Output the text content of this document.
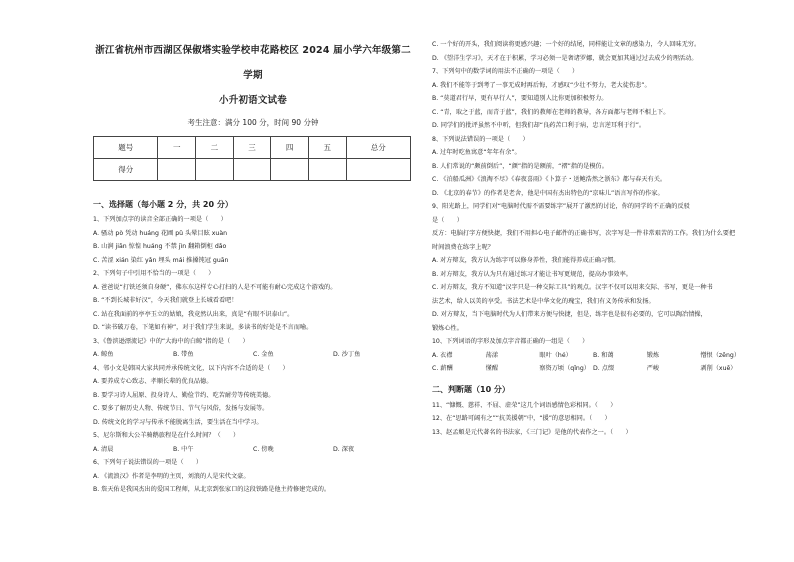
浙江省杭州市西湖区保俶塔实验学校申花路校区 2024 届小学六年级第二学期
小升初语文试卷
考生注意：满分 100 分，时间 90 分钟
题号	一	二	三	四	五	总分
得分						
一、选择题（每小题 2 分，共 20 分）
1、下列加点字的读音全部正确的一项是（　　）
A. 骚动 pò 凭动 huáng 花圃 pǔ 头晕目眩 xuàn
B. 山涧 jiān 惊惶 huáng 不禁 jìn 翻箱倒柜 dǎo
C. 苦涩 xián 染红 yǎn 埋头 mái 推搡钝冠 guān
2、下列句子中引用不恰当的一项是（　　）
A. 爸爸说“打铁还须自身硬”，佛东东这样专心打扫的人是不可能有耐心完成这个游戏的。
B. “不到长城非好汉”，今天我们就登上长城看看吧！
C. 站在我面前的亭亭玉立的姑娘，我竟然认出来，真是“有眼不识泰山”。
D. “读书破万卷，下笔如有神”，对于我们学生来说，多读书的好处是不言而喻。
3、《鲁滨逊漂流记》中的“大海中的白鲸”指的是（　　）
A. 鲸鱼	B. 带鱼	C. 金鱼	D. 沙丁鱼
4、邻小文是韩国大家共同并承传统文化，以下内容不合适的是（　　）
A. 要养成专心致志、孝顺长辈的优良品德。
B. 要学习诗人屈原、投身诗人、勤俭节约、吃苦耐劳等传统美德。
C. 要多了解历史人物、传统节日、节气与风俗，发扬与发展等。
D. 传统文化的学习与传承不能脱离生活，要生活在当中学习。
5、尼尔斯和大公羊骑鹅旅程是在什么时间？（　　）
A. 清晨	B. 中午	C. 傍晚	D. 深夜
6、下列句子说法错误的一项是（　　）
A. 《流浪汉》作者是李明的主页，刘浪的人是宋代文豪。
B. 詹天佑是我国杰出的爱国工程师，从北京到张家口的这段铁路是他主持修建完成的。
C. 一个好的开头，我们阅读将更感兴趣；一个好的结尾，同样能让文章的感染力，令人回味无穷。
D. 《望洋生学习》，天才在于积累，学习必须一是奢诸罗娜，就会更加其通过过去成少的理活动。
7、下列句中的数学词的用法不正确的一项是（　　）
A. 我们不能等于到考了一事无成时再后悔，才感叹“少壮不努力，老大徒伤悲”。
B. “莫道君行早，更有早行人”，要知道别人比你更加积极努力。
C. “青，取之于蓝，而青于蓝”，我们的教师在老师的教导，各方面都与老师不相上下。
D. 同学们的批评虽然不中听，但我们却“良药苦口利于病，忠言逆耳利于行”。
8、下列说法错误的一项是（　　）
A. 过年时吃鱼寓意“年年有余”。
B. 人们常说的“颇前倒后”，“颜”指的是额前，“褶”指的是模仿。
C. 《泊船瓜洲》《浪淘不尽》《春夜喜雨》《卜算子・送鲍浩然之浙东》都与春天有关。
D. 《北京的春节》的作者是老舍，他是中国有杰出特色的“京味儿”语言写作的作家。
9、阳光路上，同学们对“电脑时代需不需要练字”展开了激烈的讨论，你的同学的不正确的反驳
是（　　）
反方：电脑打字方便快捷，我们不用担心电子邮件的正确书写，次字写是一件非常艰苦的工作。我们为什么要把
时间浪费在练字上呢？
A. 对方辩友，我方认为练字可以修身养性，我们能得养成正确习惯。
B. 对方辩友，我方认为只有通过练习才能让书写更规范，提高办事效率。
C. 对方辩友，我方不知道“汉字只是一种交际工具”的观点。汉字不仅可以用来交际、书写，更是一种书
法艺术，给人以美的享受。书法艺术是中华文化的瑰宝，我们有义务传承和发扬。
D. 对方辩友，当下电脑时代为人们带来方便与快捷，但是，练字也是很有必要的，它可以陶冶情操，
锻炼心性。
10、下列词语的字形及加点字音都正确的一组是（　　）
A. 衣襟	荡漾	眼叶（hé）	B. 和蔼	锻炼	憎恨（zēng）
C. 薪酬	懂醒	察资万顷（qǐng） D. 点缀	严峻	剥削（xuē）
二、判断题（10 分）
11、“慷慨、慈祥、不屈、虚荣”这几个词语感情色彩相同。（　　）
12、在“思路可阔有之”“抗美援朝”中，“援”的意思相同。（　　）
13、赵孟頫是元代著名的书法家，《三门记》是他的代表作之一。（　　）
